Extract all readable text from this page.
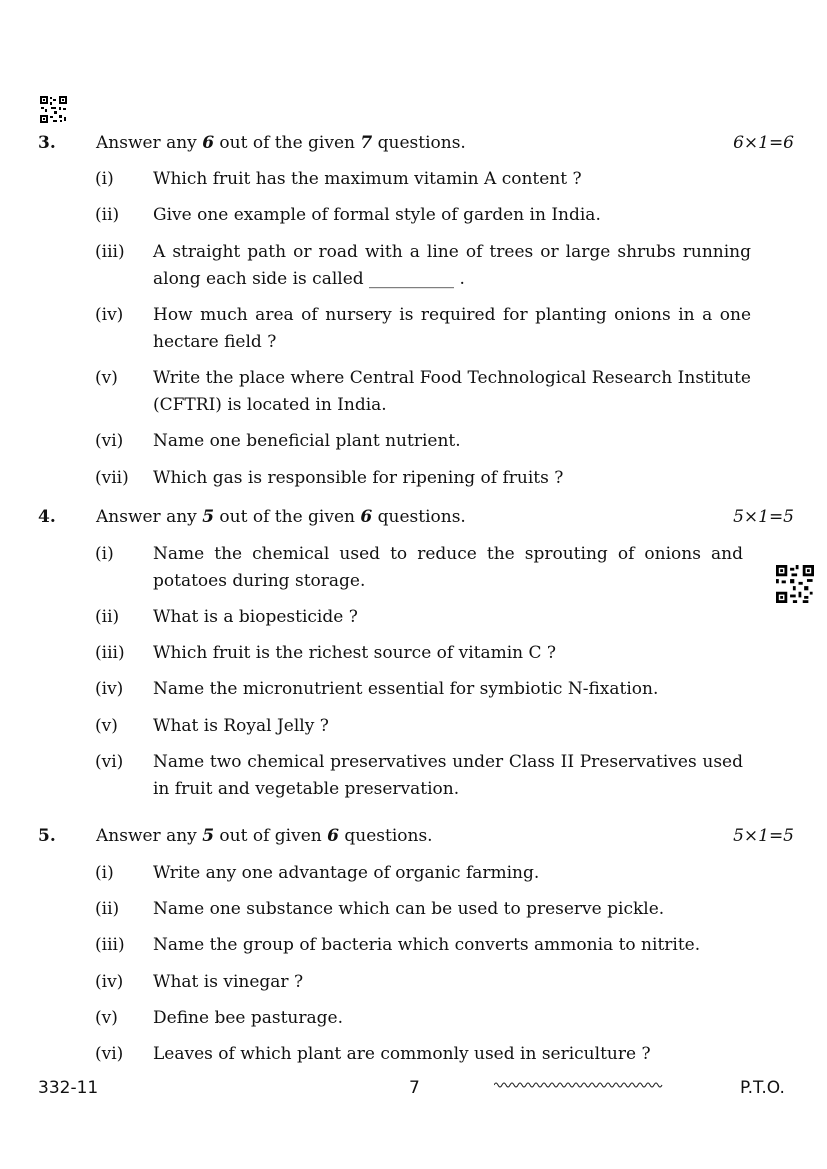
3. Answer any 6 out of the given 7 questions.	6×1=6
(i) Which fruit has the maximum vitamin A content ?
(ii) Give one example of formal style of garden in India.
(iii) A straight path or road with a line of trees or large shrubs running along each side is called __________ .
(iv) How much area of nursery is required for planting onions in a one hectare field ?
(v) Write the place where Central Food Technological Research Institute (CFTRI) is located in India.
(vi) Name one beneficial plant nutrient.
(vii) Which gas is responsible for ripening of fruits ?
4. Answer any 5 out of the given 6 questions.	5×1=5
(i) Name the chemical used to reduce the sprouting of onions and potatoes during storage.
(ii) What is a biopesticide ?
(iii) Which fruit is the richest source of vitamin C ?
(iv) Name the micronutrient essential for symbiotic N-fixation.
(v) What is Royal Jelly ?
(vi) Name two chemical preservatives under Class II Preservatives used in fruit and vegetable preservation.
5. Answer any 5 out of given 6 questions.	5×1=5
(i) Write any one advantage of organic farming.
(ii) Name one substance which can be used to preserve pickle.
(iii) Name the group of bacteria which converts ammonia to nitrite.
(iv) What is vinegar ?
(v) Define bee pasturage.
(vi) Leaves of which plant are commonly used in sericulture ?
332-11	7	P.T.O.
